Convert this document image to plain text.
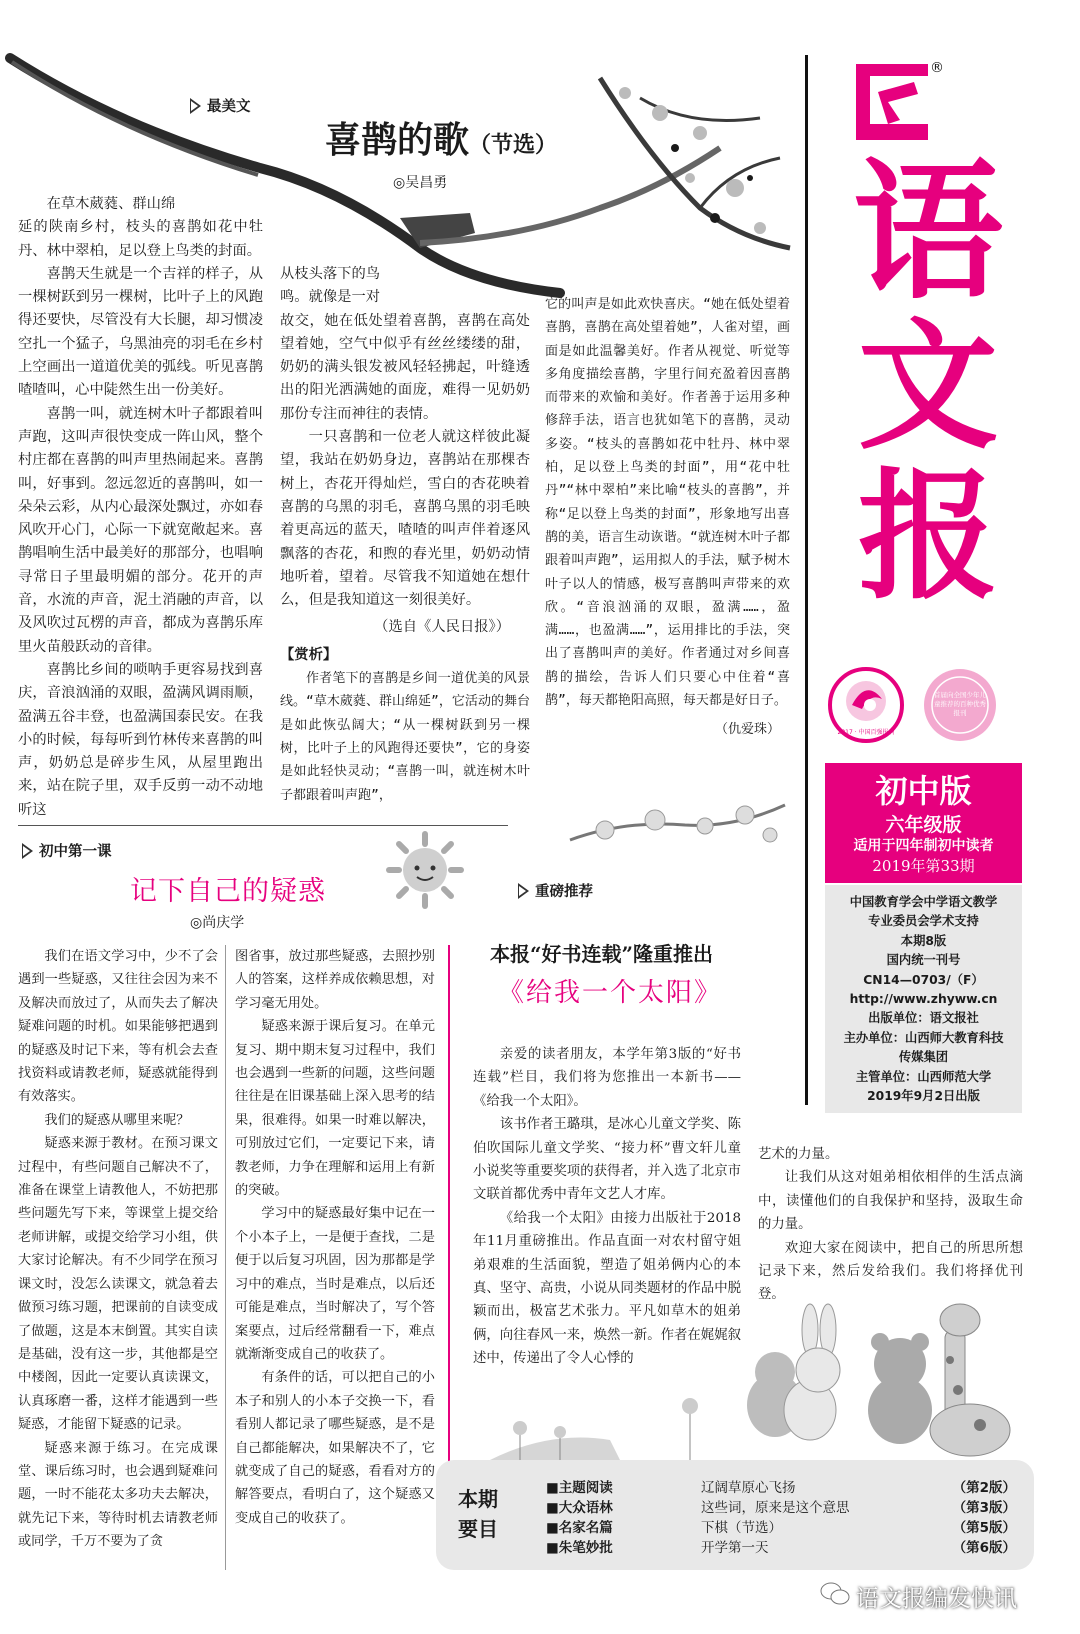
最美文
喜鹊的歌（节选）
◎吴昌勇

在草木葳蕤、群山绵

延的陕南乡村，枝头的喜鹊如花中牡丹、林中翠柏，足以登上鸟类的封面。

喜鹊天生就是一个吉祥的样子，从一棵树跃到另一棵树，比叶子上的风跑得还要快，尽管没有大长腿，却习惯凌空扎一个猛子，乌黑油亮的羽毛在乡村上空画出一道道优美的弧线。听见喜鹊喳喳叫，心中陡然生出一份美好。

喜鹊一叫，就连树木叶子都跟着叫声跑，这叫声很快变成一阵山风，整个村庄都在喜鹊的叫声里热闹起来。喜鹊叫，好事到。忽远忽近的喜鹊叫，如一朵朵云彩，从内心最深处飘过，亦如春风吹开心门，心际一下就宽敞起来。喜鹊唱响生活中最美好的那部分，也唱响寻常日子里最明媚的部分。花开的声音，水流的声音，泥土消融的声音，以及风吹过瓦楞的声音，都成为喜鹊乐库里火苗般跃动的音律。

喜鹊比乡间的唢呐手更容易找到喜庆，音浪汹涌的双眼，盈满风调雨顺，盈满五谷丰登，也盈满国泰民安。在我小的时候，每每听到竹林传来喜鹊的叫声，奶奶总是碎步生风，从屋里跑出来，站在院子里，双手反剪一动不动地听这

从枝头落下的鸟

鸣。就像是一对

故交，她在低处望着喜鹊，喜鹊在高处望着她，空气中似乎有丝丝缕缕的甜，奶奶的满头银发被风轻轻拂起，叶缝透出的阳光洒满她的面庞，难得一见奶奶那份专注而神往的表情。

一只喜鹊和一位老人就这样彼此凝望，我站在奶奶身边，喜鹊站在那棵杏树上，杏花开得灿烂，雪白的杏花映着喜鹊的乌黑的羽毛，喜鹊乌黑的羽毛映着更高远的蓝天，喳喳的叫声伴着逐风飘落的杏花，和煦的春光里，奶奶动情地听着，望着。尽管我不知道她在想什么，但是我知道这一刻很美好。

（选自《人民日报》）

【赏析】

作者笔下的喜鹊是乡间一道优美的风景线。“草木葳蕤、群山绵延”，它活动的舞台是如此恢弘阔大；“从一棵树跃到另一棵树，比叶子上的风跑得还要快”，它的身姿是如此轻快灵动；“喜鹊一叫，就连树木叶子都跟着叫声跑”，

它的叫声是如此欢快喜庆。“她在低处望着喜鹊，喜鹊在高处望着她”，人雀对望，画面是如此温馨美好。作者从视觉、听觉等多角度描绘喜鹊，字里行间充盈着因喜鹊而带来的欢愉和美好。作者善于运用多种修辞手法，语言也犹如笔下的喜鹊，灵动多姿。“枝头的喜鹊如花中牡丹、林中翠柏，足以登上鸟类的封面”，用“花中牡丹”“林中翠柏”来比喻“枝头的喜鹊”，并称“足以登上鸟类的封面”，形象地写出喜鹊的美，语言生动诙谐。“就连树木叶子都跟着叫声跑”，运用拟人的手法，赋予树木叶子以人的情感，极写喜鹊叫声带来的欢欣。“音浪汹涌的双眼，盈满……，盈满……，也盈满……”，运用排比的手法，突出了喜鹊叫声的美好。作者通过对乡间喜鹊的描绘，告诉人们只要心中住着“喜鹊”，每天都艳阳高照，每天都是好日子。

（仇爱珠）

®
语
文
报
2017 · 中国百强报刊
首届向全国少年儿童推荐的百种优秀报刊
初中版
六年级版
适用于四年制初中读者
2019年第33期
中国教育学会中学语文教学
专业委员会学术支持
本期8版
国内统一刊号
CN14—0703/（F）
http://www.zhyww.cn
出版单位：语文报社
主办单位：山西师大教育科技
传媒集团
主管单位：山西师范大学
2019年9月2日出版
初中第一课
记下自己的疑惑
◎尚庆学

我们在语文学习中，少不了会遇到一些疑惑，又往往会因为来不及解决而放过了，从而失去了解决疑难问题的时机。如果能够把遇到的疑惑及时记下来，等有机会去查找资料或请教老师，疑惑就能得到有效落实。

我们的疑惑从哪里来呢？

疑惑来源于教材。在预习课文过程中，有些问题自己解决不了，准备在课堂上请教他人，不妨把那些问题先写下来，等课堂上提交给老师讲解，或提交给学习小组，供大家讨论解决。有不少同学在预习课文时，没怎么读课文，就急着去做预习练习题，把课前的自读变成了做题，这是本末倒置。其实自读是基础，没有这一步，其他都是空中楼阁，因此一定要认真读课文，认真琢磨一番，这样才能遇到一些疑惑，才能留下疑惑的记录。

疑惑来源于练习。在完成课堂、课后练习时，也会遇到疑难问题，一时不能花太多功夫去解决，就先记下来，等待时机去请教老师或同学，千万不要为了贪

图省事，放过那些疑惑，去照抄别人的答案，这样养成依赖思想，对学习毫无用处。

疑惑来源于课后复习。在单元复习、期中期末复习过程中，我们也会遇到一些新的问题，这些问题往往是在旧课基础上深入思考的结果，很难得。如果一时难以解决，可别放过它们，一定要记下来，请教老师，力争在理解和运用上有新的突破。

学习中的疑惑最好集中记在一个小本子上，一是便于查找，二是便于以后复习巩固，因为那都是学习中的难点，当时是难点，以后还可能是难点，当时解决了，写个答案要点，过后经常翻看一下，难点就渐渐变成自己的收获了。

有条件的话，可以把自己的小本子和别人的小本子交换一下，看看别人都记录了哪些疑惑，是不是自己都能解决，如果解决不了，它就变成了自己的疑惑，看看对方的解答要点，看明白了，这个疑惑又变成自己的收获了。

重磅推荐
本报“好书连载”隆重推出
《给我一个太阳》

亲爱的读者朋友，本学年第3版的“好书连载”栏目，我们将为您推出一本新书——《给我一个太阳》。

该书作者王璐琪，是冰心儿童文学奖、陈伯吹国际儿童文学奖、“接力杯”曹文轩儿童小说奖等重要奖项的获得者，并入选了北京市文联首都优秀中青年文艺人才库。

《给我一个太阳》由接力出版社于2018年11月重磅推出。作品直面一对农村留守姐弟艰难的生活面貌，塑造了姐弟俩内心的本真、坚守、高贵，小说从同类题材的作品中脱颖而出，极富艺术张力。平凡如草木的姐弟俩，向往春风一来，焕然一新。作者在娓娓叙述中，传递出了令人心悸的

艺术的力量。

让我们从这对姐弟相依相伴的生活点滴中，读懂他们的自我保护和坚持，汲取生命的力量。

欢迎大家在阅读中，把自己的所思所想记录下来，然后发给我们。我们将择优刊登。

本期
要目
■主题阅读	辽阔草原心飞扬	（第2版）
■大众语林	这些词，原来是这个意思	（第3版）
■名家名篇	下棋（节选）	（第5版）
■朱笔妙批	开学第一天	（第6版）
语文报编发快讯
